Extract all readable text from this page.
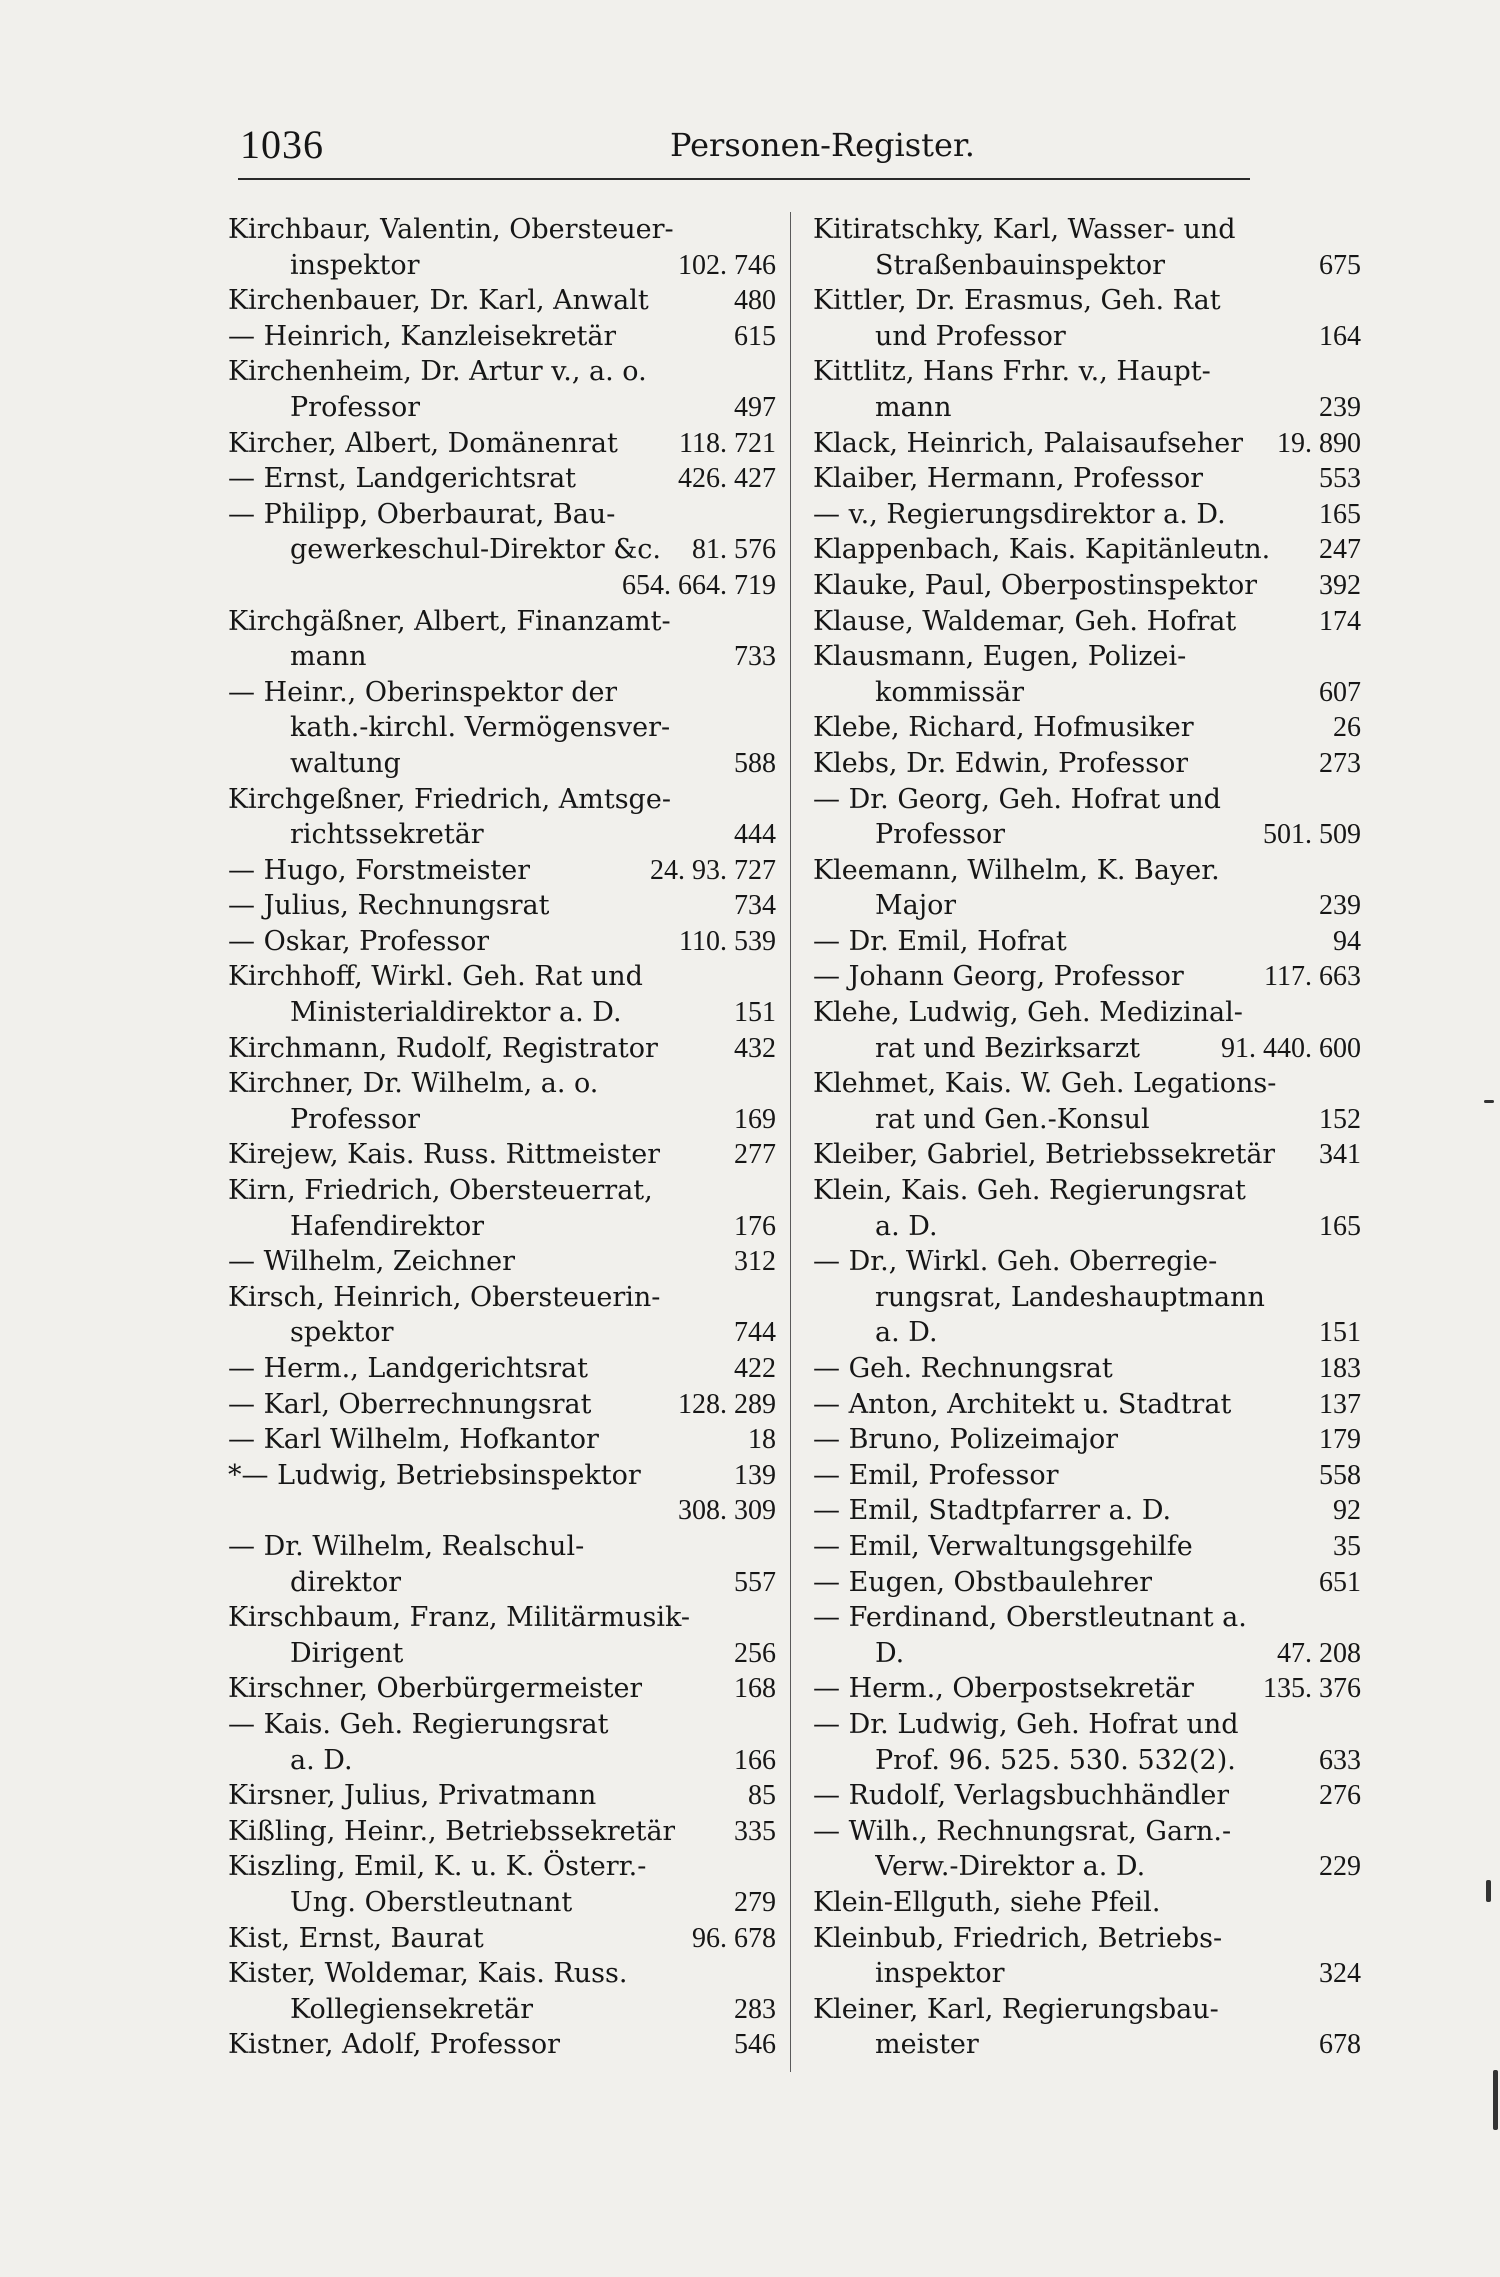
1036	Personen-Register.
Kirchbaur, Valentin, Obersteuer-
inspektor	102. 746
Kirchenbauer, Dr. Karl, Anwalt	480
— Heinrich, Kanzleisekretär	615
Kirchenheim, Dr. Artur v., a. o.
Professor	497
Kircher, Albert, Domänenrat	118. 721
— Ernst, Landgerichtsrat	426. 427
— Philipp, Oberbaurat, Bau-
gewerkeschul-Direktor &c.	81. 576
654. 664. 719
Kirchgäßner, Albert, Finanzamt-
mann	733
— Heinr., Oberinspektor der
kath.-kirchl. Vermögensver-
waltung	588
Kirchgeßner, Friedrich, Amtsge-
richtssekretär	444
— Hugo, Forstmeister	24. 93. 727
— Julius, Rechnungsrat	734
— Oskar, Professor	110. 539
Kirchhoff, Wirkl. Geh. Rat und
Ministerialdirektor a. D.	151
Kirchmann, Rudolf, Registrator	432
Kirchner, Dr. Wilhelm, a. o.
Professor	169
Kirejew, Kais. Russ. Rittmeister	277
Kirn, Friedrich, Obersteuerrat,
Hafendirektor	176
— Wilhelm, Zeichner	312
Kirsch, Heinrich, Obersteuerin-
spektor	744
— Herm., Landgerichtsrat	422
— Karl, Oberrechnungsrat	128. 289
— Karl Wilhelm, Hofkantor	18
*— Ludwig, Betriebsinspektor	139
308. 309
— Dr. Wilhelm, Realschul-
direktor	557
Kirschbaum, Franz, Militärmusik-
Dirigent	256
Kirschner, Oberbürgermeister	168
— Kais. Geh. Regierungsrat
a. D.	166
Kirsner, Julius, Privatmann	85
Kißling, Heinr., Betriebssekretär	335
Kiszling, Emil, K. u. K. Österr.-
Ung. Oberstleutnant	279
Kist, Ernst, Baurat	96. 678
Kister, Woldemar, Kais. Russ.
Kollegiensekretär	283
Kistner, Adolf, Professor	546
Kitiratschky, Karl, Wasser- und
Straßenbauinspektor	675
Kittler, Dr. Erasmus, Geh. Rat
und Professor	164
Kittlitz, Hans Frhr. v., Haupt-
mann	239
Klack, Heinrich, Palaisaufseher	19. 890
Klaiber, Hermann, Professor	553
— v., Regierungsdirektor a. D.	165
Klappenbach, Kais. Kapitänleutn.	247
Klauke, Paul, Oberpostinspektor	392
Klause, Waldemar, Geh. Hofrat	174
Klausmann, Eugen, Polizei-
kommissär	607
Klebe, Richard, Hofmusiker	26
Klebs, Dr. Edwin, Professor	273
— Dr. Georg, Geh. Hofrat und
Professor	501. 509
Kleemann, Wilhelm, K. Bayer.
Major	239
— Dr. Emil, Hofrat	94
— Johann Georg, Professor	117. 663
Klehe, Ludwig, Geh. Medizinal-
rat und Bezirksarzt	91. 440. 600
Klehmet, Kais. W. Geh. Legations-
rat und Gen.-Konsul	152
Kleiber, Gabriel, Betriebssekretär	341
Klein, Kais. Geh. Regierungsrat
a. D.	165
— Dr., Wirkl. Geh. Oberregie-
rungsrat, Landeshauptmann
a. D.	151
— Geh. Rechnungsrat	183
— Anton, Architekt u. Stadtrat	137
— Bruno, Polizeimajor	179
— Emil, Professor	558
— Emil, Stadtpfarrer a. D.	92
— Emil, Verwaltungsgehilfe	35
— Eugen, Obstbaulehrer	651
— Ferdinand, Oberstleutnant a.
D.	47. 208
— Herm., Oberpostsekretär	135. 376
— Dr. Ludwig, Geh. Hofrat und
Prof. 96. 525. 530. 532(2).	633
— Rudolf, Verlagsbuchhändler	276
— Wilh., Rechnungsrat, Garn.-
Verw.-Direktor a. D.	229
Klein-Ellguth, siehe Pfeil.
Kleinbub, Friedrich, Betriebs-
inspektor	324
Kleiner, Karl, Regierungsbau-
meister	678
